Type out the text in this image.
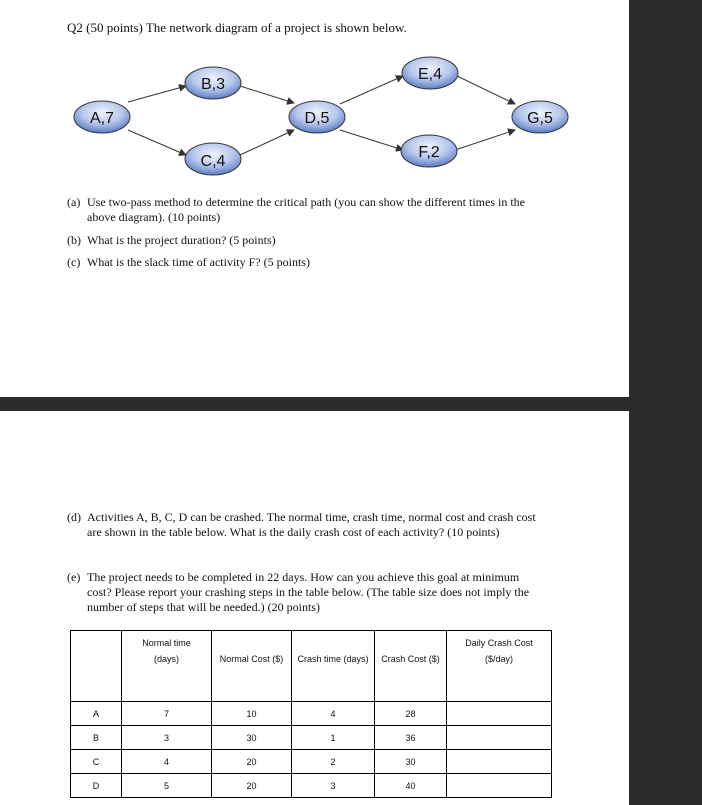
Q2 (50 points) The network diagram of a project is shown below.
A,7
B,3
C,4
D,5
E,4
F,2
G,5
(a) Use two-pass method to determine the critical path (you can show the different times in the
above diagram). (10 points)
(b) What is the project duration? (5 points)
(c) What is the slack time of activity F? (5 points)
(d) Activities A, B, C, D can be crashed. The normal time, crash time, normal cost and crash cost
are shown in the table below. What is the daily crash cost of each activity? (10 points)
(e) The project needs to be completed in 22 days. How can you achieve this goal at minimum
cost? Please report your crashing steps in the table below. (The table size does not imply the
number of steps that will be needed.) (20 points)
	Normal time
(days)	Normal Cost ($)	Crash time (days)	Crash Cost ($)	Daily Crash Cost
($/day)
A	7	10	4	28	
B	3	30	1	36	
C	4	20	2	30	
D	5	20	3	40	
